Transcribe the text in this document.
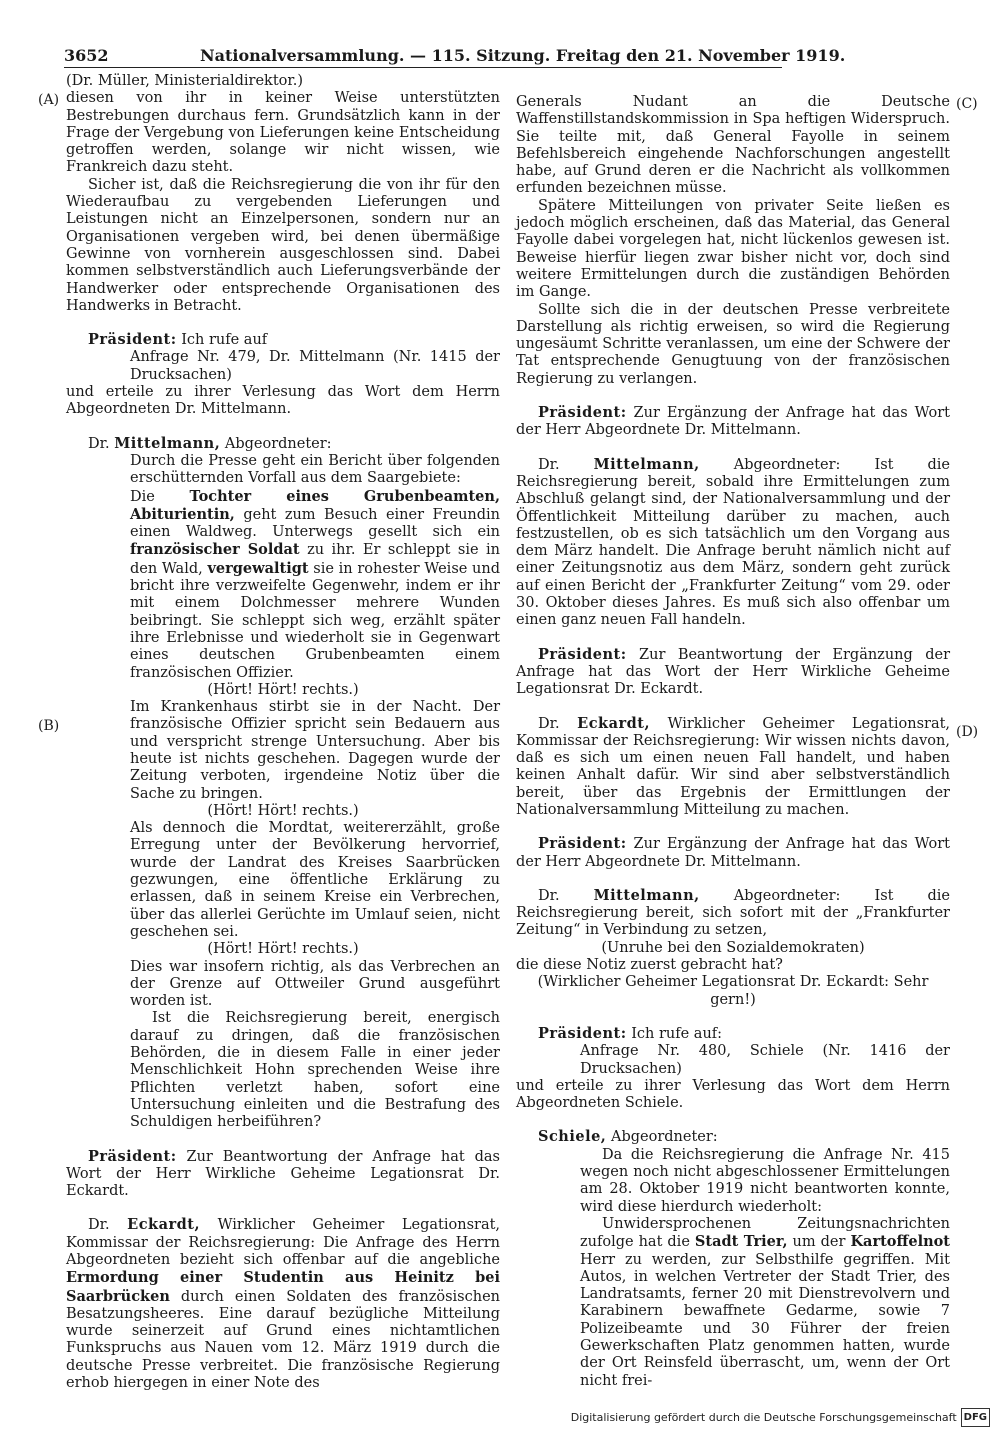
3652	Nationalversammlung. — 115. Sitzung. Freitag den 21. November 1919.
(A)
(B)
(C)
(D)

(Dr. Müller, Ministerialdirektor.)

diesen von ihr in keiner Weise unterstützten Bestrebungen durchaus fern. Grundsätzlich kann in der Frage der Vergebung von Lieferungen keine Entscheidung getroffen werden, solange wir nicht wissen, wie Frankreich dazu steht.

Sicher ist, daß die Reichsregierung die von ihr für den Wiederaufbau zu vergebenden Lieferungen und Leistungen nicht an Einzelpersonen, sondern nur an Organisationen vergeben wird, bei denen übermäßige Gewinne von vornherein ausgeschlossen sind. Dabei kommen selbstverständlich auch Lieferungsverbände der Handwerker oder entsprechende Organisationen des Handwerks in Betracht.

Präsident: Ich rufe auf

Anfrage Nr. 479, Dr. Mittelmann (Nr. 1415 der Drucksachen)

und erteile zu ihrer Verlesung das Wort dem Herrn Abgeordneten Dr. Mittelmann.

Dr. Mittelmann, Abgeordneter:

Durch die Presse geht ein Bericht über folgenden erschütternden Vorfall aus dem Saargebiete:

Die Tochter eines Grubenbeamten, Abiturientin, geht zum Besuch einer Freundin einen Waldweg. Unterwegs gesellt sich ein französischer Soldat zu ihr. Er schleppt sie in den Wald, vergewaltigt sie in rohester Weise und bricht ihre verzweifelte Gegenwehr, indem er ihr mit einem Dolchmesser mehrere Wunden beibringt. Sie schleppt sich weg, erzählt später ihre Erlebnisse und wiederholt sie in Gegenwart eines deutschen Grubenbeamten einem französischen Offizier.

(Hört! Hört! rechts.)

Im Krankenhaus stirbt sie in der Nacht. Der französische Offizier spricht sein Bedauern aus und verspricht strenge Untersuchung. Aber bis heute ist nichts geschehen. Dagegen wurde der Zeitung verboten, irgendeine Notiz über die Sache zu bringen.

(Hört! Hört! rechts.)

Als dennoch die Mordtat, weitererzählt, große Erregung unter der Bevölkerung hervorrief, wurde der Landrat des Kreises Saarbrücken gezwungen, eine öffentliche Erklärung zu erlassen, daß in seinem Kreise ein Verbrechen, über das allerlei Gerüchte im Umlauf seien, nicht geschehen sei.

(Hört! Hört! rechts.)

Dies war insofern richtig, als das Verbrechen an der Grenze auf Ottweiler Grund ausgeführt worden ist.

Ist die Reichsregierung bereit, energisch darauf zu dringen, daß die französischen Behörden, die in diesem Falle in einer jeder Menschlichkeit Hohn sprechenden Weise ihre Pflichten verletzt haben, sofort eine Untersuchung einleiten und die Bestrafung des Schuldigen herbeiführen?

Präsident: Zur Beantwortung der Anfrage hat das Wort der Herr Wirkliche Geheime Legationsrat Dr. Eckardt.

Dr. Eckardt, Wirklicher Geheimer Legationsrat, Kommissar der Reichsregierung: Die Anfrage des Herrn Abgeordneten bezieht sich offenbar auf die angebliche Ermordung einer Studentin aus Heinitz bei Saarbrücken durch einen Soldaten des französischen Besatzungsheeres. Eine darauf bezügliche Mitteilung wurde seinerzeit auf Grund eines nichtamtlichen Funkspruchs aus Nauen vom 12. März 1919 durch die deutsche Presse verbreitet. Die französische Regierung erhob hiergegen in einer Note des

Generals Nudant an die Deutsche Waffenstillstandskommission in Spa heftigen Widerspruch. Sie teilte mit, daß General Fayolle in seinem Befehlsbereich eingehende Nachforschungen angestellt habe, auf Grund deren er die Nachricht als vollkommen erfunden bezeichnen müsse.

Spätere Mitteilungen von privater Seite ließen es jedoch möglich erscheinen, daß das Material, das General Fayolle dabei vorgelegen hat, nicht lückenlos gewesen ist. Beweise hierfür liegen zwar bisher nicht vor, doch sind weitere Ermittelungen durch die zuständigen Behörden im Gange.

Sollte sich die in der deutschen Presse verbreitete Darstellung als richtig erweisen, so wird die Regierung ungesäumt Schritte veranlassen, um eine der Schwere der Tat entsprechende Genugtuung von der französischen Regierung zu verlangen.

Präsident: Zur Ergänzung der Anfrage hat das Wort der Herr Abgeordnete Dr. Mittelmann.

Dr. Mittelmann, Abgeordneter: Ist die Reichsregierung bereit, sobald ihre Ermittelungen zum Abschluß gelangt sind, der Nationalversammlung und der Öffentlichkeit Mitteilung darüber zu machen, auch festzustellen, ob es sich tatsächlich um den Vorgang aus dem März handelt. Die Anfrage beruht nämlich nicht auf einer Zeitungsnotiz aus dem März, sondern geht zurück auf einen Bericht der „Frankfurter Zeitung“ vom 29. oder 30. Oktober dieses Jahres. Es muß sich also offenbar um einen ganz neuen Fall handeln.

Präsident: Zur Beantwortung der Ergänzung der Anfrage hat das Wort der Herr Wirkliche Geheime Legationsrat Dr. Eckardt.

Dr. Eckardt, Wirklicher Geheimer Legationsrat, Kommissar der Reichsregierung: Wir wissen nichts davon, daß es sich um einen neuen Fall handelt, und haben keinen Anhalt dafür. Wir sind aber selbstverständlich bereit, über das Ergebnis der Ermittlungen der Nationalversammlung Mitteilung zu machen.

Präsident: Zur Ergänzung der Anfrage hat das Wort der Herr Abgeordnete Dr. Mittelmann.

Dr. Mittelmann, Abgeordneter: Ist die Reichsregierung bereit, sich sofort mit der „Frankfurter Zeitung“ in Verbindung zu setzen,

(Unruhe bei den Sozialdemokraten)

die diese Notiz zuerst gebracht hat?

(Wirklicher Geheimer Legationsrat Dr. Eckardt: Sehr gern!)

Präsident: Ich rufe auf:

Anfrage Nr. 480, Schiele (Nr. 1416 der Drucksachen)

und erteile zu ihrer Verlesung das Wort dem Herrn Abgeordneten Schiele.

Schiele, Abgeordneter:

Da die Reichsregierung die Anfrage Nr. 415 wegen noch nicht abgeschlossener Ermittelungen am 28. Oktober 1919 nicht beantworten konnte, wird diese hierdurch wiederholt:

Unwidersprochenen Zeitungsnachrichten zufolge hat die Stadt Trier, um der Kartoffelnot Herr zu werden, zur Selbsthilfe gegriffen. Mit Autos, in welchen Vertreter der Stadt Trier, des Landratsamts, ferner 20 mit Dienstrevolvern und Karabinern bewaffnete Gedarme, sowie 7 Polizeibeamte und 30 Führer der freien Gewerkschaften Platz genommen hatten, wurde der Ort Reinsfeld überrascht, um, wenn der Ort nicht frei-

Digitalisierung gefördert durch die Deutsche Forschungsgemeinschaft DFG
